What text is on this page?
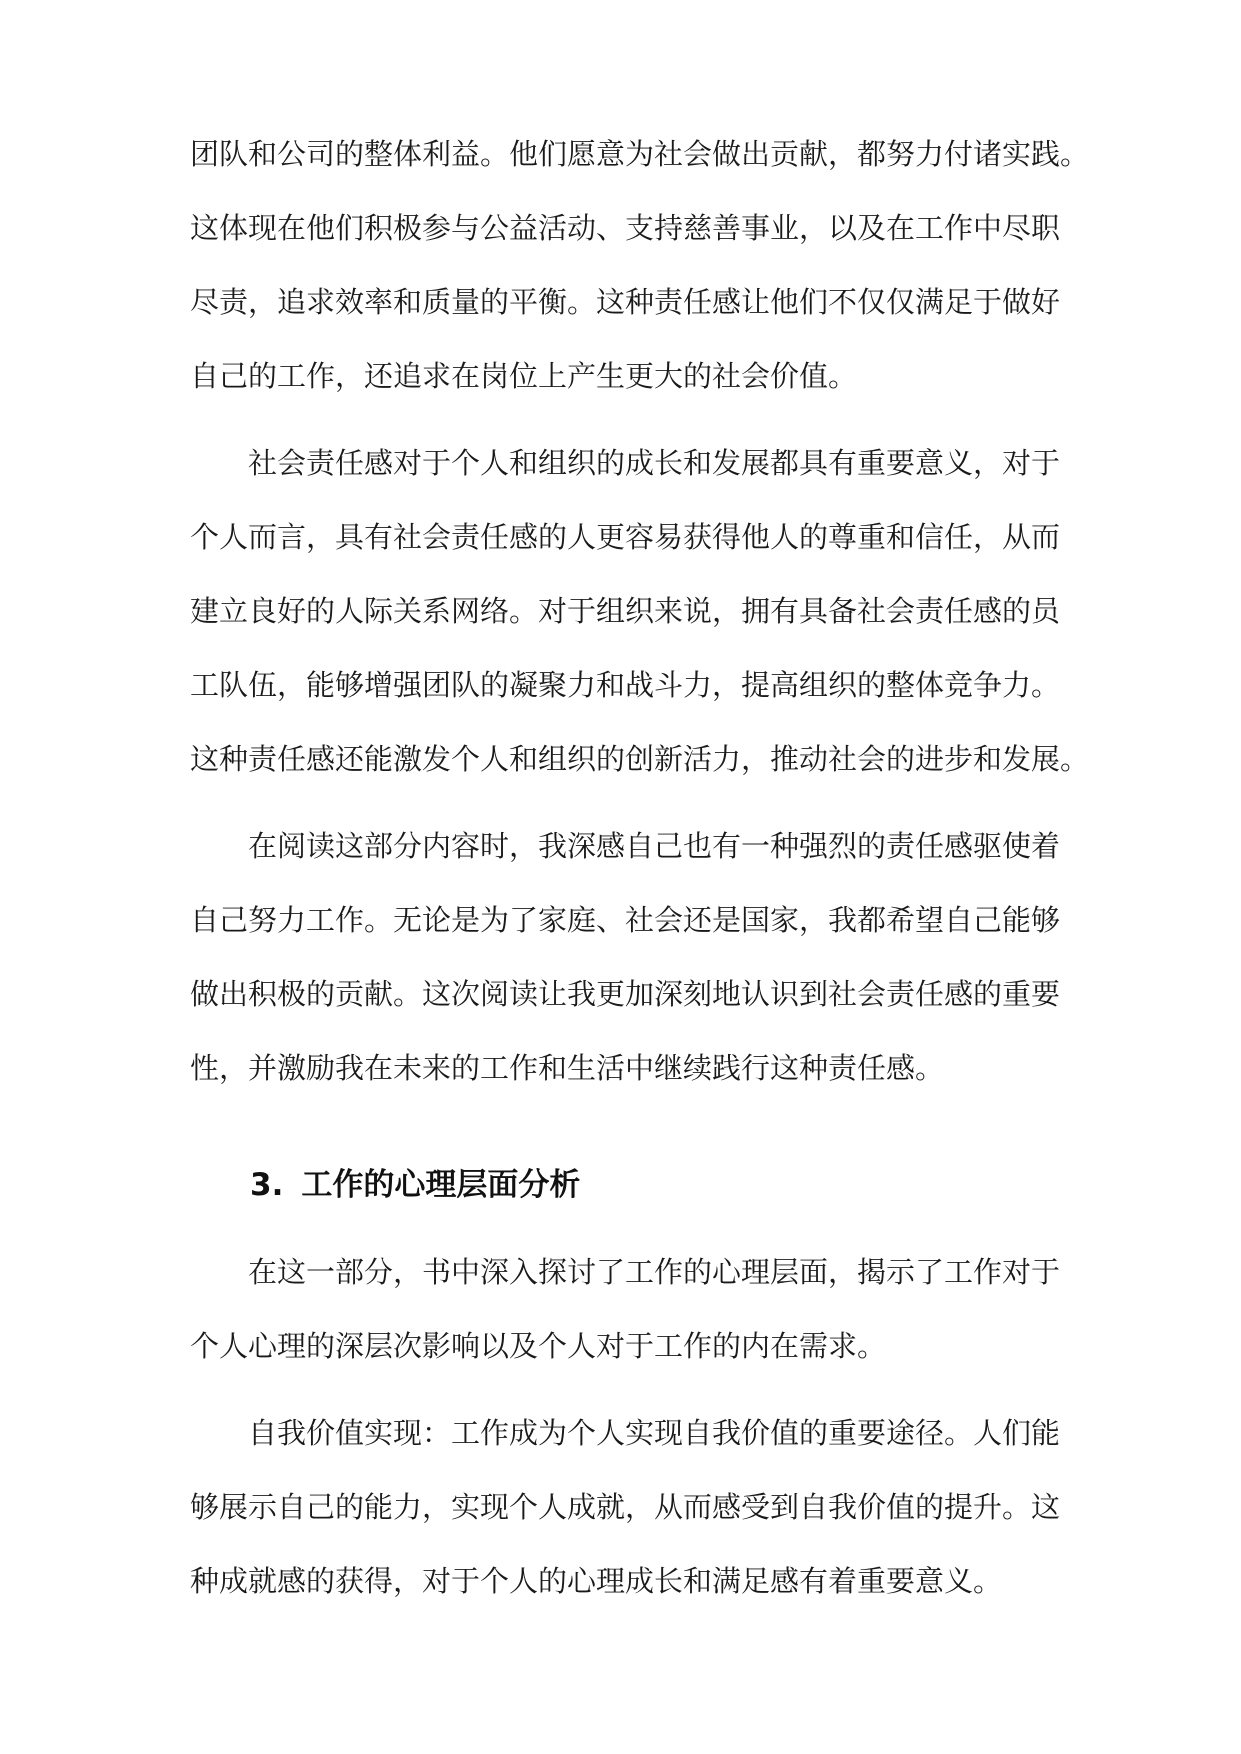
团队和公司的整体利益。他们愿意为社会做出贡献，都努力付诸实践。
这体现在他们积极参与公益活动、支持慈善事业，以及在工作中尽职
尽责，追求效率和质量的平衡。这种责任感让他们不仅仅满足于做好
自己的工作，还追求在岗位上产生更大的社会价值。
社会责任感对于个人和组织的成长和发展都具有重要意义，对于
个人而言，具有社会责任感的人更容易获得他人的尊重和信任，从而
建立良好的人际关系网络。对于组织来说，拥有具备社会责任感的员
工队伍，能够增强团队的凝聚力和战斗力，提高组织的整体竞争力。
这种责任感还能激发个人和组织的创新活力，推动社会的进步和发展。
在阅读这部分内容时，我深感自己也有一种强烈的责任感驱使着
自己努力工作。无论是为了家庭、社会还是国家，我都希望自己能够
做出积极的贡献。这次阅读让我更加深刻地认识到社会责任感的重要
性，并激励我在未来的工作和生活中继续践行这种责任感。
3. 工作的心理层面分析
在这一部分，书中深入探讨了工作的心理层面，揭示了工作对于
个人心理的深层次影响以及个人对于工作的内在需求。
自我价值实现：工作成为个人实现自我价值的重要途径。人们能
够展示自己的能力，实现个人成就，从而感受到自我价值的提升。这
种成就感的获得，对于个人的心理成长和满足感有着重要意义。
